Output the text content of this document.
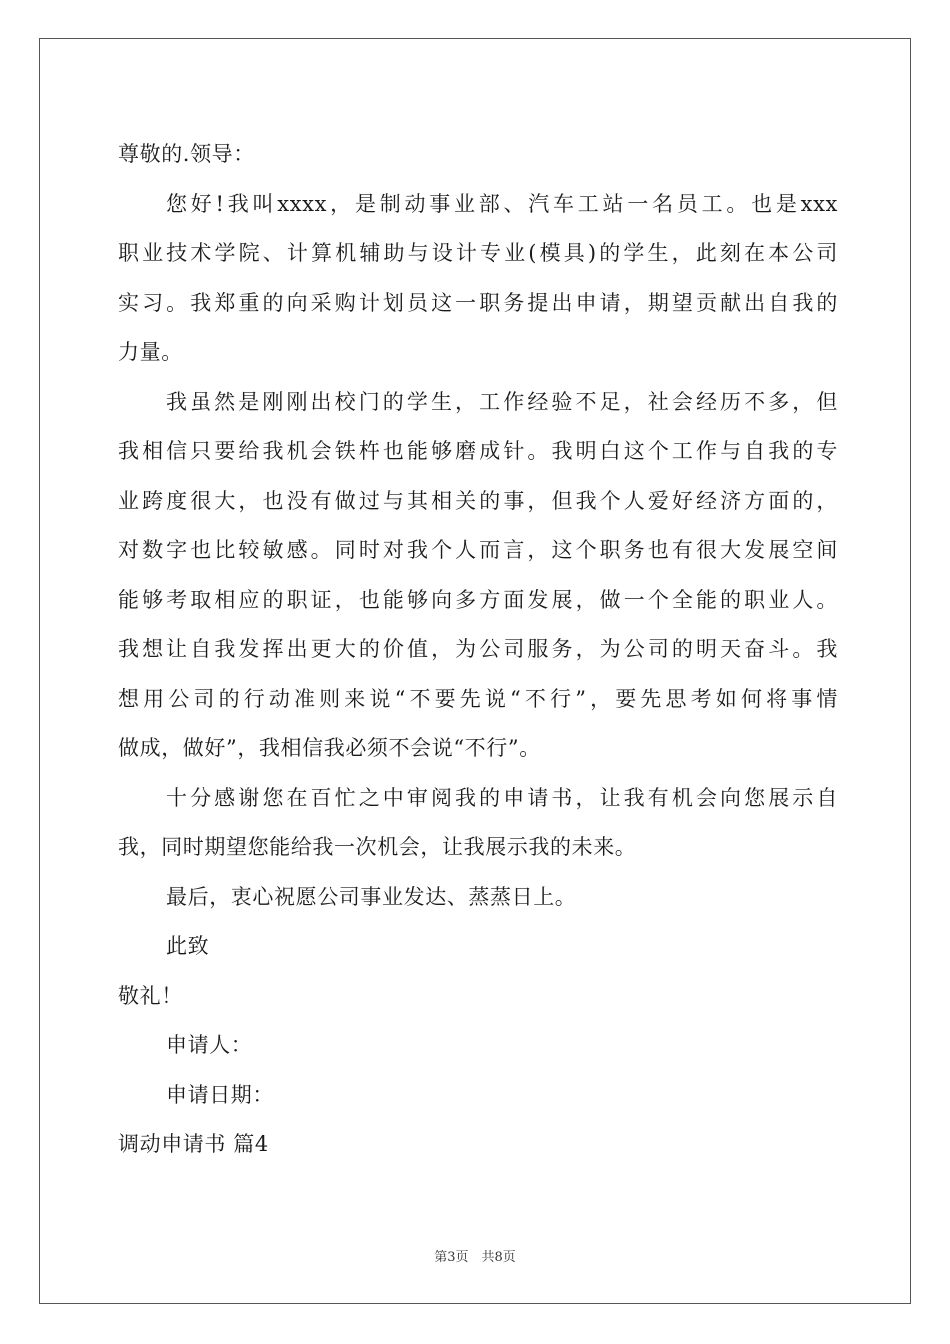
尊敬的.领导：
您好!我叫xxxx，是制动事业部、汽车工站一名员工。也是xxx
职业技术学院、计算机辅助与设计专业(模具)的学生，此刻在本公司
实习。我郑重的向采购计划员这一职务提出申请，期望贡献出自我的
力量。
我虽然是刚刚出校门的学生，工作经验不足，社会经历不多，但
我相信只要给我机会铁杵也能够磨成针。我明白这个工作与自我的专
业跨度很大，也没有做过与其相关的事，但我个人爱好经济方面的，
对数字也比较敏感。同时对我个人而言，这个职务也有很大发展空间
能够考取相应的职证，也能够向多方面发展，做一个全能的职业人。
我想让自我发挥出更大的价值，为公司服务，为公司的明天奋斗。我
想用公司的行动准则来说“不要先说“不行”，要先思考如何将事情
做成，做好”，我相信我必须不会说“不行”。
十分感谢您在百忙之中审阅我的申请书，让我有机会向您展示自
我，同时期望您能给我一次机会，让我展示我的未来。
最后，衷心祝愿公司事业发达、蒸蒸日上。
此致
敬礼！
申请人：
申请日期：
调动申请书 篇4
第3页　共8页
